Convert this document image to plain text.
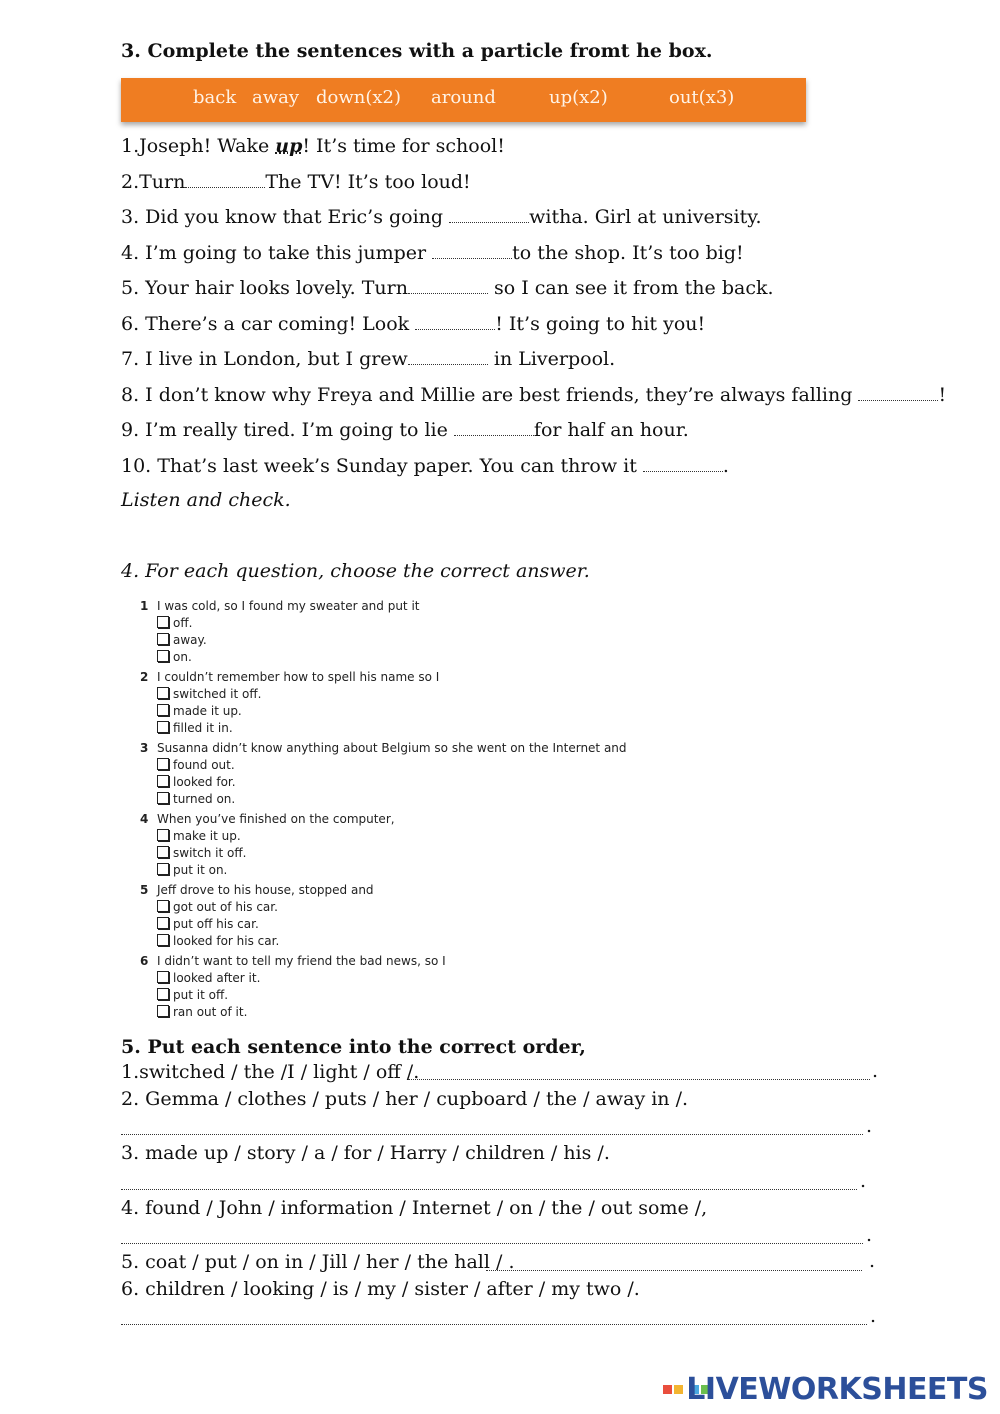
3. Complete the sentences with a particle fromt he box.
back away down(x2) around	up(x2)	out(x3)
1.Joseph! Wake up! It’s time for school!
2.Turn	The TV! It’s too loud!
3. Did you know that Eric’s going	witha. Girl at university.
4. I’m going to take this jumper	to the shop. It’s too big!
5. Your hair looks lovely. Turn	so I can see it from the back.
6. There’s a car coming! Look	! It’s going to hit you!
7. I live in London, but I grew	in Liverpool.
8. I don’t know why Freya and Millie are best friends, they’re always falling	!
9. I’m really tired. I’m going to lie	for half an hour.
10. That’s last week’s Sunday paper. You can throw it	.
Listen and check.
4. For each question, choose the correct answer.
1 I was cold, so I found my sweater and put it
off.
away.
on.
2 I couldn’t remember how to spell his name so I
switched it off.
made it up.
filled it in.
3 Susanna didn’t know anything about Belgium so she went on the Internet and
found out.
looked for.
turned on.
4 When you’ve finished on the computer,
make it up.
switch it off.
put it on.
5 Jeff drove to his house, stopped and
got out of his car.
put off his car.
looked for his car.
6 I didn’t want to tell my friend the bad news, so I
looked after it.
put it off.
ran out of it.
5. Put each sentence into the correct order,
1.switched / the /I / light / off /.	.
2. Gemma / clothes / puts / her / cupboard / the / away in /.
.
3. made up / story / a / for / Harry / children / his /.
.
4. found / John / information / Internet / on / the / out some /,
.
5. coat / put / on in / Jill / her / the hall / .	.
6. children / looking / is / my / sister / after / my two /.
.
LIVEWORKSHEETS
